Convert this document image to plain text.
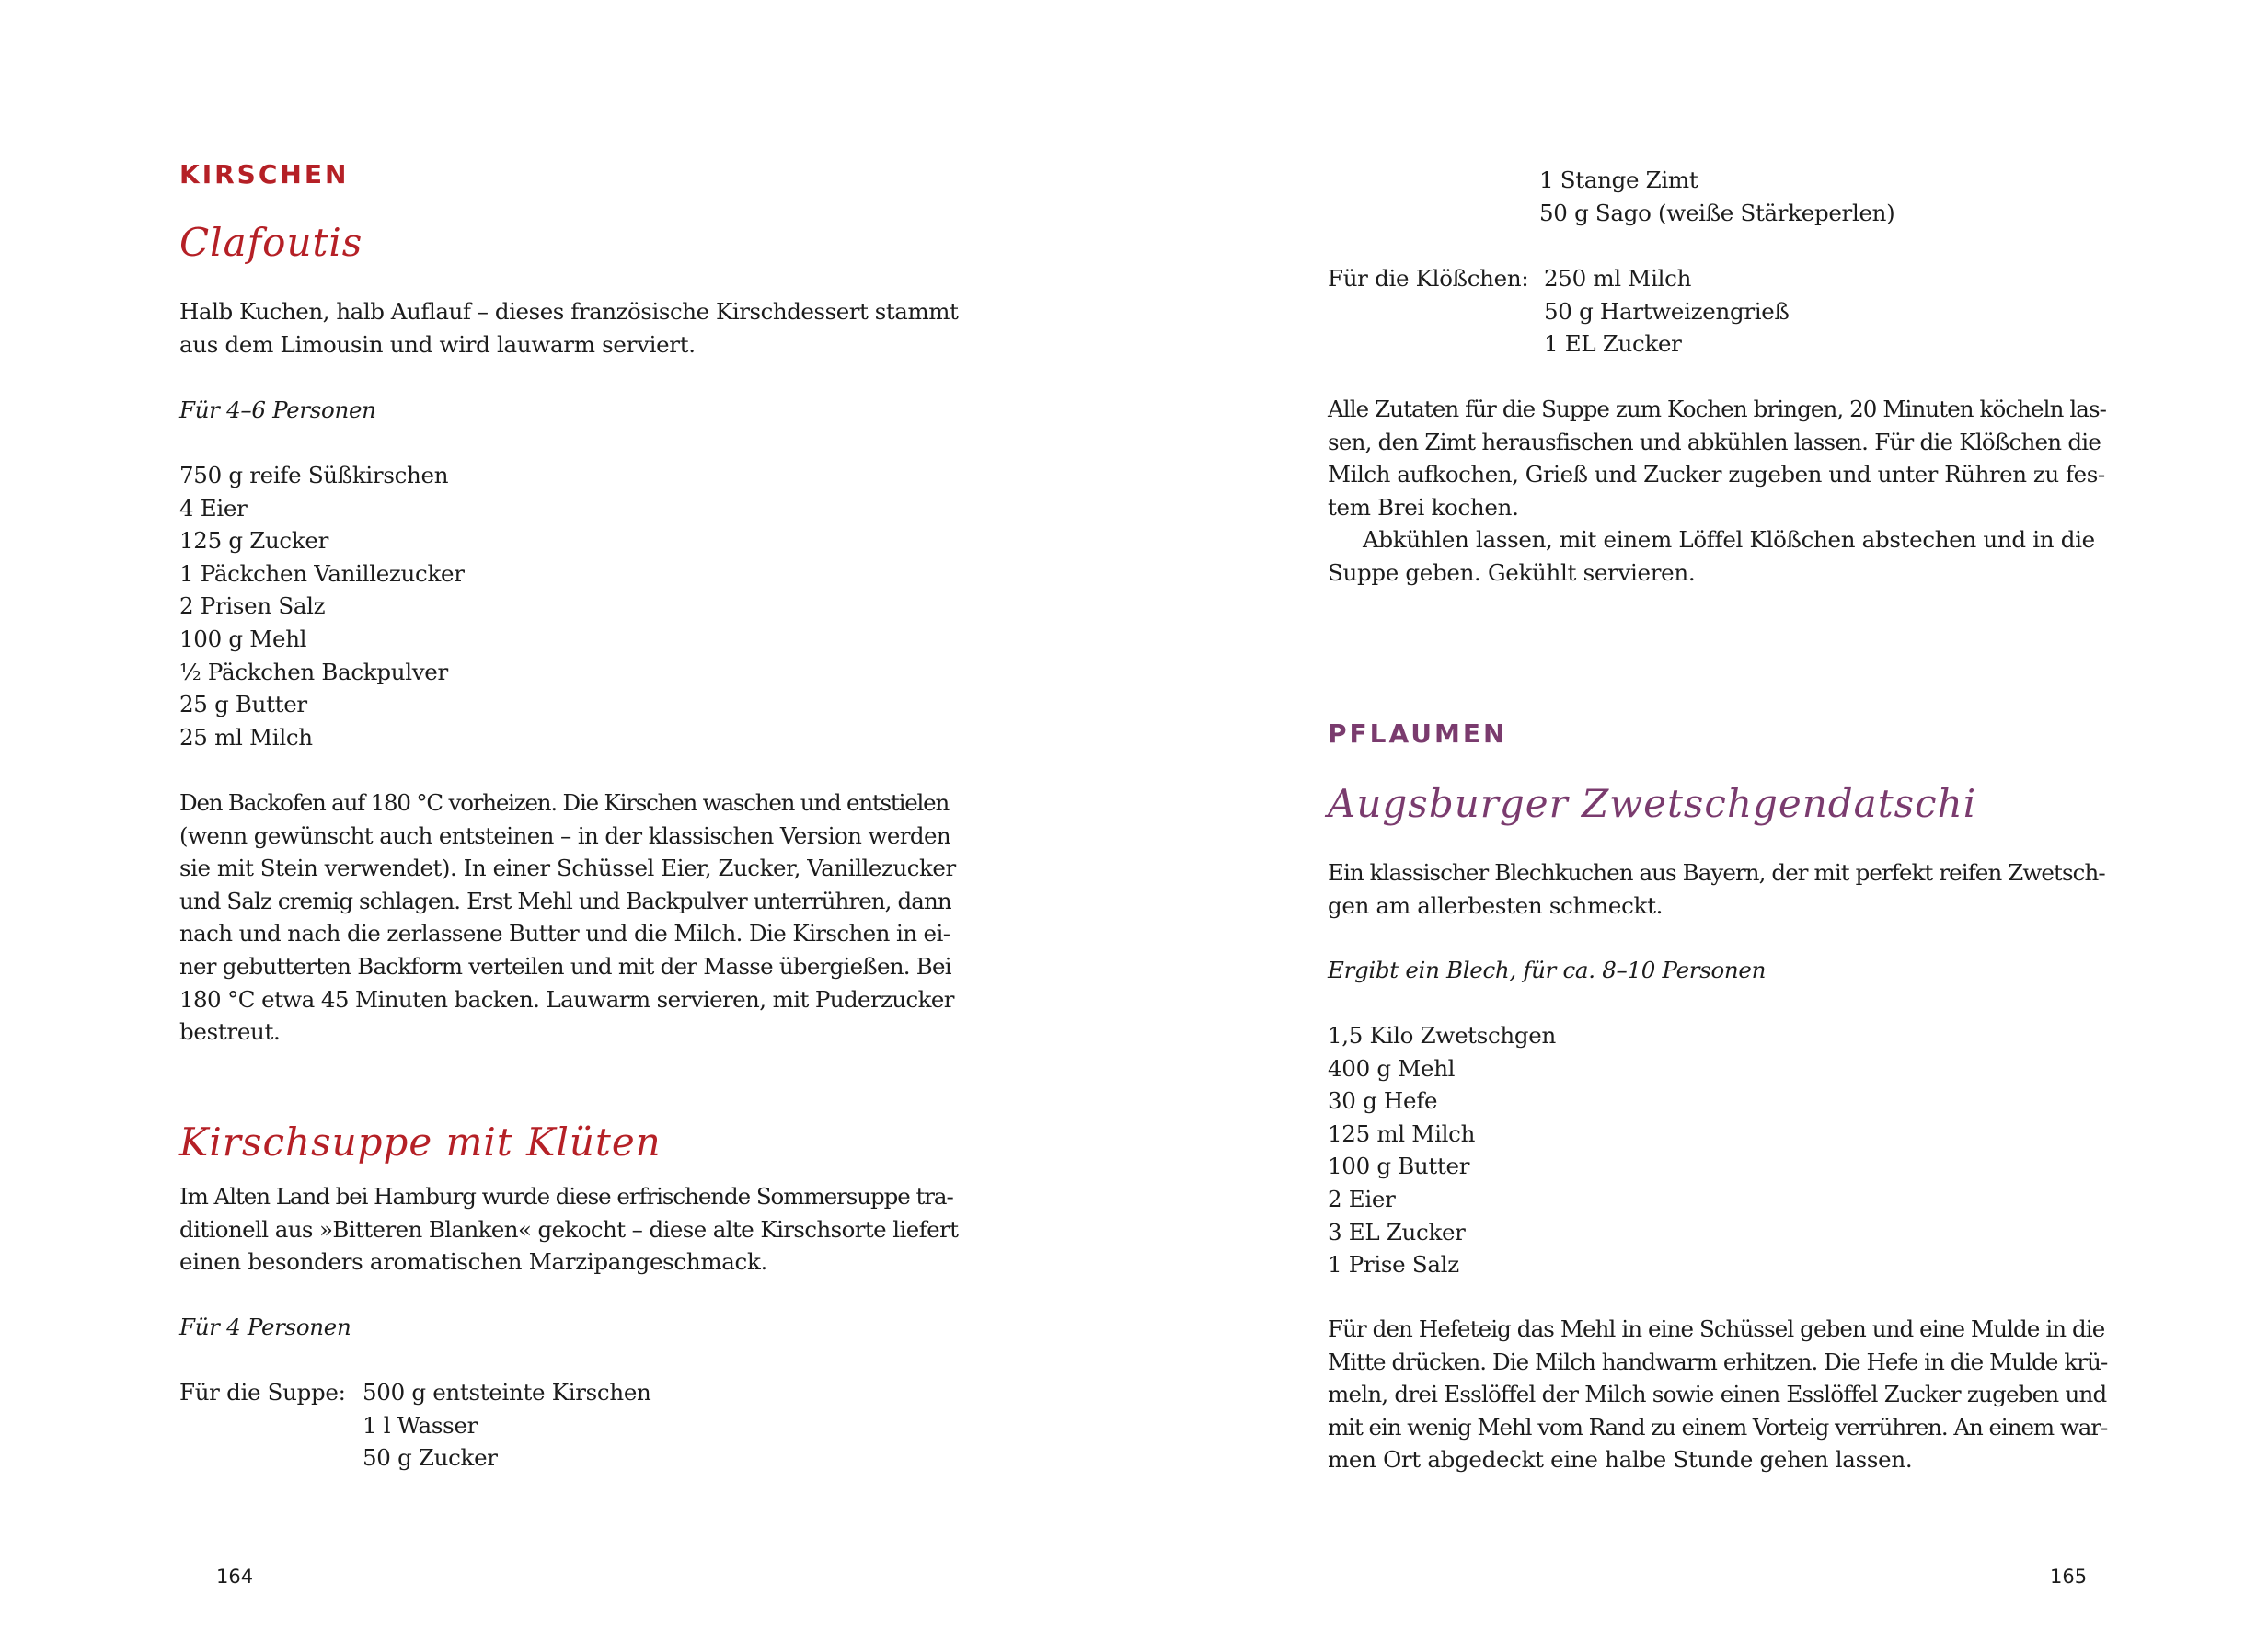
KIRSCHEN
Clafoutis
Halb Kuchen, halb Auflauf – dieses französische Kirschdessert stammt
aus dem Limousin und wird lauwarm serviert.
Für 4–6 Personen
750 g reife Süßkirschen
4 Eier
125 g Zucker
1 Päckchen Vanillezucker
2 Prisen Salz
100 g Mehl
½ Päckchen Backpulver
25 g Butter
25 ml Milch
Den Backofen auf 180 °C vorheizen. Die Kirschen waschen und entstielen
(wenn gewünscht auch entsteinen – in der klassischen Version werden
sie mit Stein verwendet). In einer Schüssel Eier, Zucker, Vanillezucker
und Salz cremig schlagen. Erst Mehl und Backpulver unterrühren, dann
nach und nach die zerlassene Butter und die Milch. Die Kirschen in ei-
ner gebutterten Backform verteilen und mit der Masse übergießen. Bei
180 °C etwa 45 Minuten backen. Lauwarm servieren, mit Puderzucker
bestreut.
Kirschsuppe mit Klüten
Im Alten Land bei Hamburg wurde diese erfrischende Sommersuppe tra-
ditionell aus »Bitteren Blanken« gekocht – diese alte Kirschsorte liefert
einen besonders aromatischen Marzipangeschmack.
Für 4 Personen
Für die Suppe: 500 g entsteinte Kirschen
1 l Wasser
50 g Zucker
164
1 Stange Zimt
50 g Sago (weiße Stärkeperlen)
Für die Klößchen: 250 ml Milch
50 g Hartweizengrieß
1 EL Zucker
Alle Zutaten für die Suppe zum Kochen bringen, 20 Minuten köcheln las-
sen, den Zimt herausfischen und abkühlen lassen. Für die Klößchen die
Milch aufkochen, Grieß und Zucker zugeben und unter Rühren zu fes-
tem Brei kochen.
Abkühlen lassen, mit einem Löffel Klößchen abstechen und in die
Suppe geben. Gekühlt servieren.
PFLAUMEN
Augsburger Zwetschgendatschi
Ein klassischer Blechkuchen aus Bayern, der mit perfekt reifen Zwetsch-
gen am allerbesten schmeckt.
Ergibt ein Blech, für ca. 8–10 Personen
1,5 Kilo Zwetschgen
400 g Mehl
30 g Hefe
125 ml Milch
100 g Butter
2 Eier
3 EL Zucker
1 Prise Salz
Für den Hefeteig das Mehl in eine Schüssel geben und eine Mulde in die
Mitte drücken. Die Milch handwarm erhitzen. Die Hefe in die Mulde krü-
meln, drei Esslöffel der Milch sowie einen Esslöffel Zucker zugeben und
mit ein wenig Mehl vom Rand zu einem Vorteig verrühren. An einem war-
men Ort abgedeckt eine halbe Stunde gehen lassen.
165
